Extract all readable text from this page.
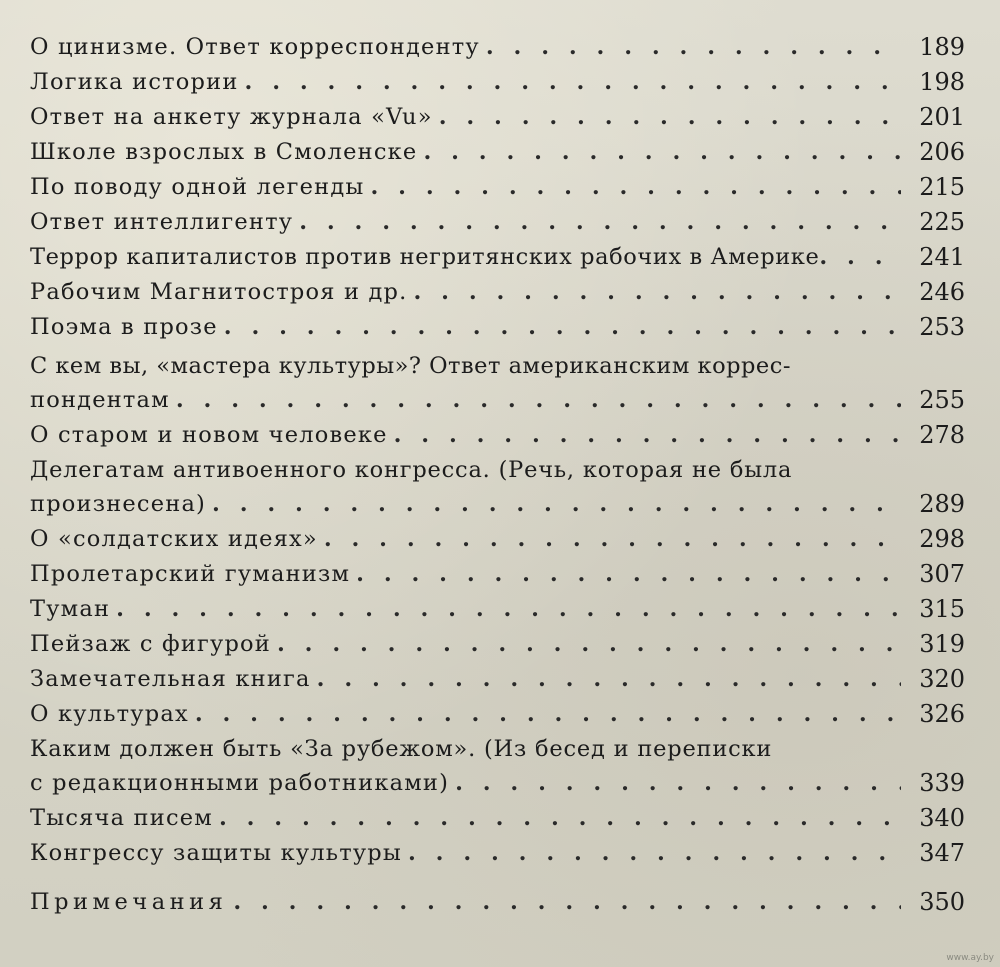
О цинизме. Ответ корреспонденту . . .	189
Логика истории . . .	198
Ответ на анкету журнала «Vu» . . .	201
Школе взрослых в Смоленске . . .	206
По поводу одной легенды . . .	215
Ответ интеллигенту . . .	225
Террор капиталистов против негритянских рабочих в Америке . . .	241
Рабочим Магнитостроя и др. . . .	246
Поэма в прозе . . .	253
С кем вы, «мастера культуры»? Ответ американским коррес-
пондентам . . .	255
О старом и новом человеке . . .	278
Делегатам антивоенного конгресса. (Речь, которая не была
произнесена) . . .	289
О «солдатских идеях» . . .	298
Пролетарский гуманизм . . .	307
Туман . . .	315
Пейзаж с фигурой . . .	319
Замечательная книга . . .	320
О культурах . . .	326
Каким должен быть «За рубежом». (Из бесед и переписки
с редакционными работниками) . . .	339
Тысяча писем . . .	340
Конгрессу защиты культуры . . .	347
Примечания . . .	350
www.ay.by
